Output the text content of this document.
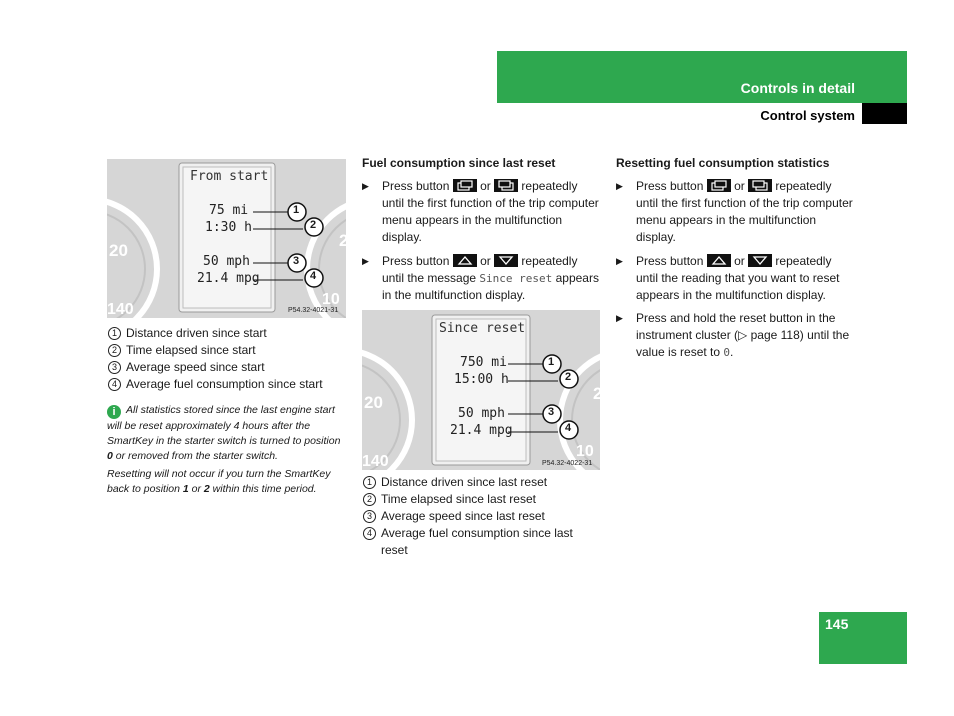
Controls in detail
Control system
From start
75 mi
1:30 h
50 mph
21.4 mpg
20
140
2
10
1
2
3
4
P54.32-4021-31
1 Distance driven since start
2 Time elapsed since start
3 Average speed since start
4 Average fuel consumption since start
i All statistics stored since the last engine start will be reset approximately 4 hours after the SmartKey in the starter switch is turned to position 0 or removed from the starter switch.
Resetting will not occur if you turn the SmartKey back to position 1 or 2 within this time period.
Fuel consumption since last reset
▶ Press button	or	repeatedly until the first function of the trip computer menu appears in the multifunction display.
▶ Press button	or	repeatedly until the message Since reset appears in the multifunction display.
Since reset
750 mi
15:00 h
50 mph
21.4 mpg
20
140
2
10
1
2
3
4
P54.32-4022-31
1 Distance driven since last reset
2 Time elapsed since last reset
3 Average speed since last reset
4 Average fuel consumption since last reset
Resetting fuel consumption statistics
▶ Press button	or	repeatedly until the first function of the trip computer menu appears in the multifunction display.
▶ Press button	or	repeatedly until the reading that you want to reset appears in the multifunction display.
▶ Press and hold the reset button in the instrument cluster (▷ page 118) until the value is reset to 0.
145
